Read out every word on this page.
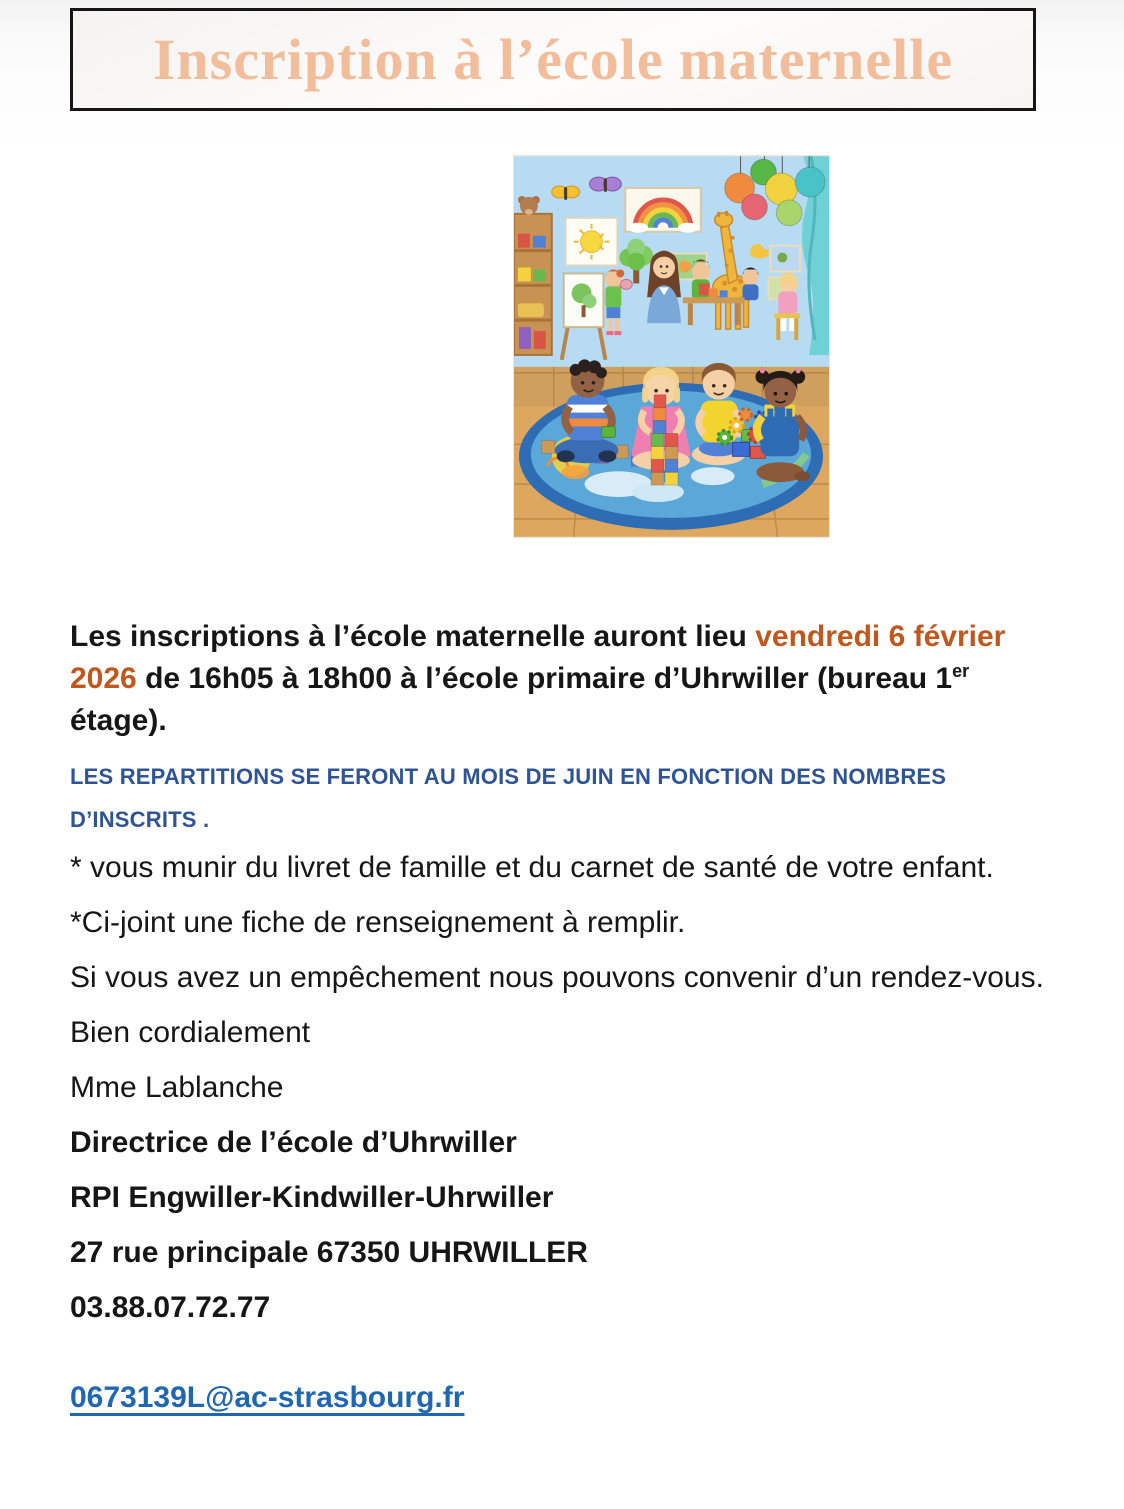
Inscription à l’école maternelle

Les inscriptions à l’école maternelle auront lieu vendredi 6 février 2026 de 16h05 à 18h00 à l’école primaire d’Uhrwiller (bureau 1er étage).

LES REPARTITIONS SE FERONT AU MOIS DE JUIN EN FONCTION DES NOMBRES D’INSCRITS .

* vous munir du livret de famille et du carnet de santé de votre enfant.

*Ci-joint une fiche de renseignement à remplir.

Si vous avez un empêchement nous pouvons convenir d’un rendez-vous.

Bien cordialement

Mme Lablanche

Directrice de l’école d’Uhrwiller

RPI Engwiller-Kindwiller-Uhrwiller

27 rue principale 67350 UHRWILLER

03.88.07.72.77

0673139L@ac-strasbourg.fr
